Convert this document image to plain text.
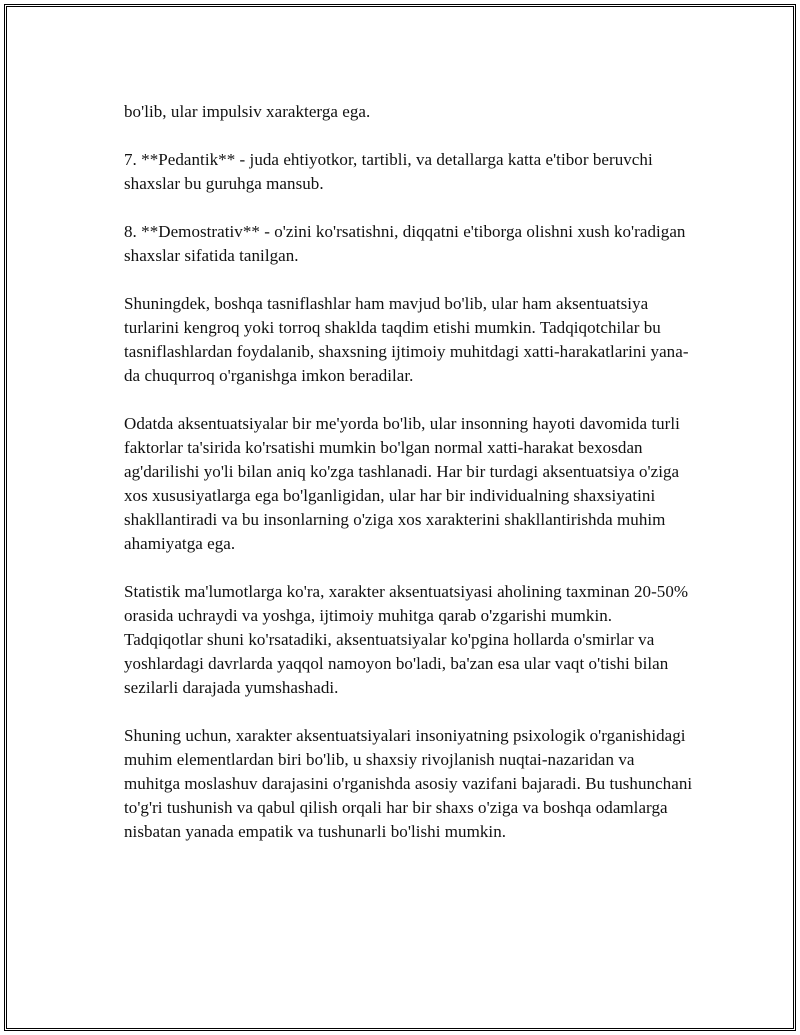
bo'lib, ular impulsiv xarakterga ega.

7. **Pedantik** - juda ehtiyotkor, tartibli, va detallarga katta e'tibor beruvchi shaxslar bu guruhga mansub.

8. **Demostrativ** - o'zini ko'rsatishni, diqqatni e'tiborga olishni xush ko'radigan shaxslar sifatida tanilgan.

Shuningdek, boshqa tasniflashlar ham mavjud bo'lib, ular ham aksentuatsiya turlarini kengroq yoki torroq shaklda taqdim etishi mumkin. Tadqiqotchilar bu tasniflashlardan foydalanib, shaxsning ijtimoiy muhitdagi xatti-harakatlarini yana-da chuqurroq o'rganishga imkon beradilar.

Odatda aksentuatsiyalar bir me'yorda bo'lib, ular insonning hayoti davomida turli faktorlar ta'sirida ko'rsatishi mumkin bo'lgan normal xatti-harakat bexosdan ag'darilishi yo'li bilan aniq ko'zga tashlanadi. Har bir turdagi aksentuatsiya o'ziga xos xususiyatlarga ega bo'lganligidan, ular har bir individualning shaxsiyatini shakllantiradi va bu insonlarning o'ziga xos xarakterini shakllantirishda muhim ahamiyatga ega.

Statistik ma'lumotlarga ko'ra, xarakter aksentuatsiyasi aholining taxminan 20-50% orasida uchraydi va yoshga, ijtimoiy muhitga qarab o'zgarishi mumkin. Tadqiqotlar shuni ko'rsatadiki, aksentuatsiyalar ko'pgina hollarda o'smirlar va yoshlardagi davrlarda yaqqol namoyon bo'ladi, ba'zan esa ular vaqt o'tishi bilan sezilarli darajada yumshashadi.

Shuning uchun, xarakter aksentuatsiyalari insoniyatning psixologik o'rganishidagi muhim elementlardan biri bo'lib, u shaxsiy rivojlanish nuqtai-nazaridan va muhitga moslashuv darajasini o'rganishda asosiy vazifani bajaradi. Bu tushunchani to'g'ri tushunish va qabul qilish orqali har bir shaxs o'ziga va boshqa odamlarga nisbatan yanada empatik va tushunarli bo'lishi mumkin.
